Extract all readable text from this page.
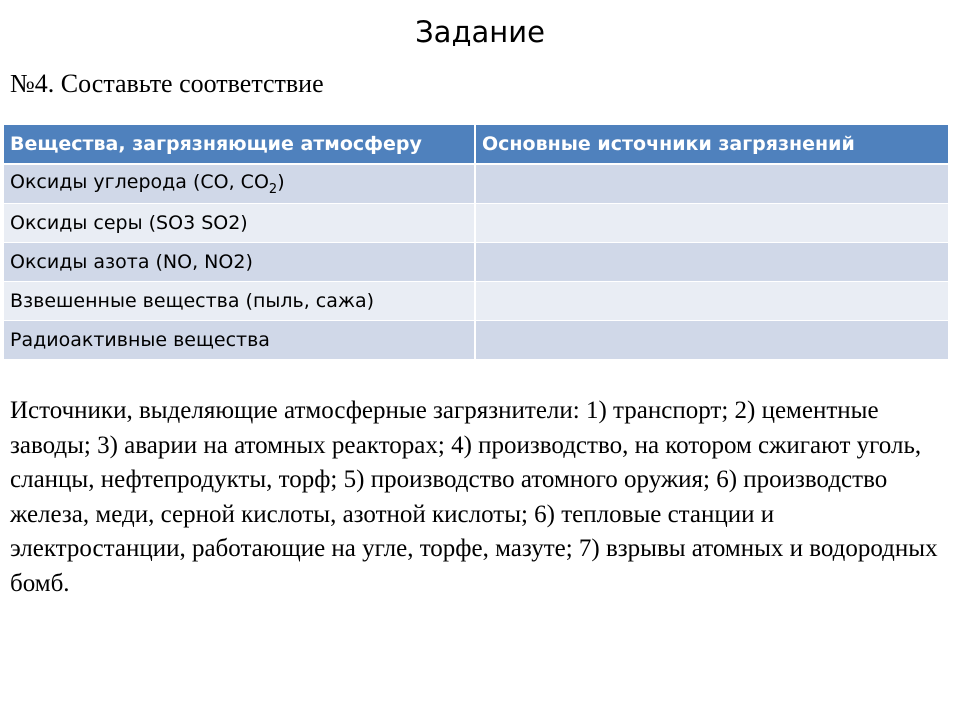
Задание
№4. Составьте соответствие
Вещества, загрязняющие атмосферу	Основные источники загрязнений
Оксиды углерода (CO, $CO_2$)	
Оксиды серы (SO3 SO2)	
Оксиды азота (NO, NO2)	
Взвешенные вещества (пыль, сажа)	
Радиоактивные вещества	
Источники, выделяющие атмосферные загрязнители: 1) транспорт; 2) цементные заводы; 3) аварии на атомных реакторах; 4) производство, на котором сжигают уголь, сланцы, нефтепродукты, торф; 5) производство атомного оружия; 6) производство железа, меди, серной кислоты, азотной кислоты; 6) тепловые станции и электростанции, работающие на угле, торфе, мазуте; 7) взрывы атомных и водородных бомб.
